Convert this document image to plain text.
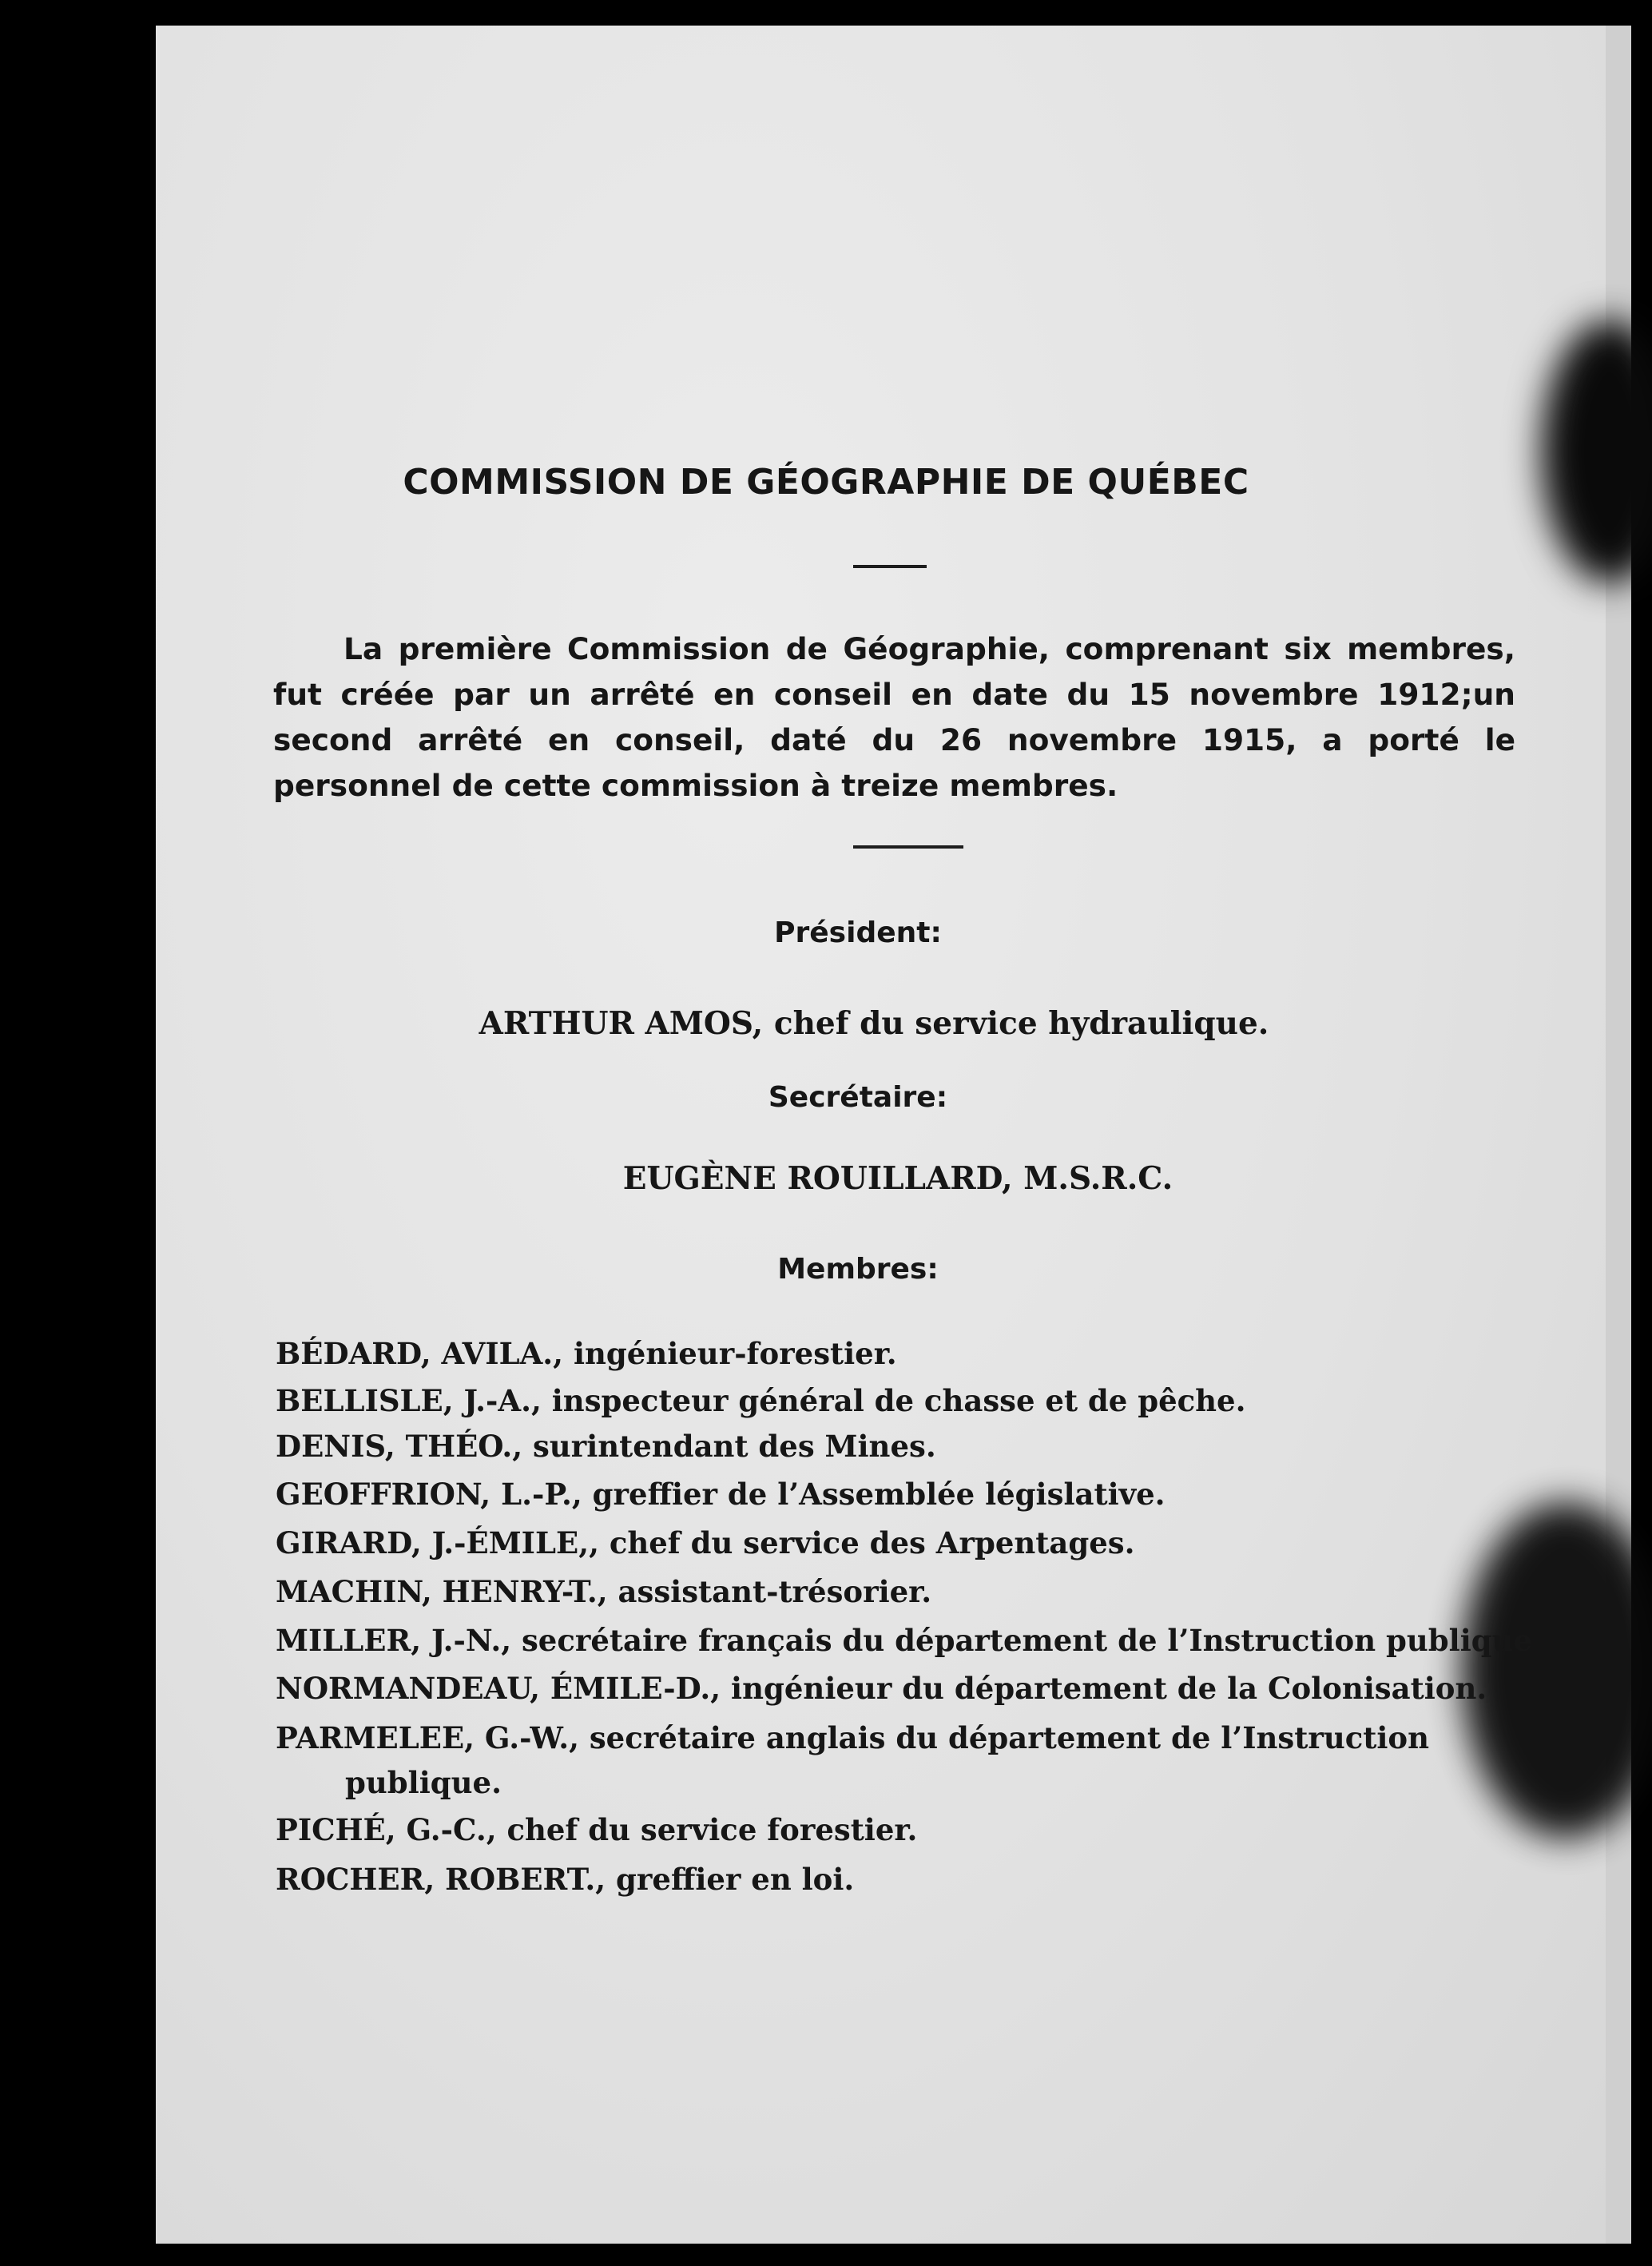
COMMISSION DE GÉOGRAPHIE DE QUÉBEC
La première Commission de Géographie, comprenant six membres, fut créée par un arrêté en conseil en date du 15 novembre 1912;un second arrêté en conseil, daté du 26 novembre 1915, a porté le personnel de cette commission à treize membres.
Président:
ARTHUR AMOS, chef du service hydraulique.
Secrétaire:
EUGÈNE ROUILLARD, M.S.R.C.
Membres:
BÉDARD, AVILA., ingénieur-forestier.
BELLISLE, J.-A., inspecteur général de chasse et de pêche.
DENIS, THÉO., surintendant des Mines.
GEOFFRION, L.-P., greffier de l’Assemblée législative.
GIRARD, J.-ÉMILE,, chef du service des Arpentages.
MACHIN, HENRY-T., assistant-trésorier.
MILLER, J.-N., secrétaire français du département de l’Instruction publique
NORMANDEAU, ÉMILE-D., ingénieur du département de la Colonisation.
PARMELEE, G.-W., secrétaire anglais du département de l’Instruction
publique.
PICHÉ, G.-C., chef du service forestier.
ROCHER, ROBERT., greffier en loi.
